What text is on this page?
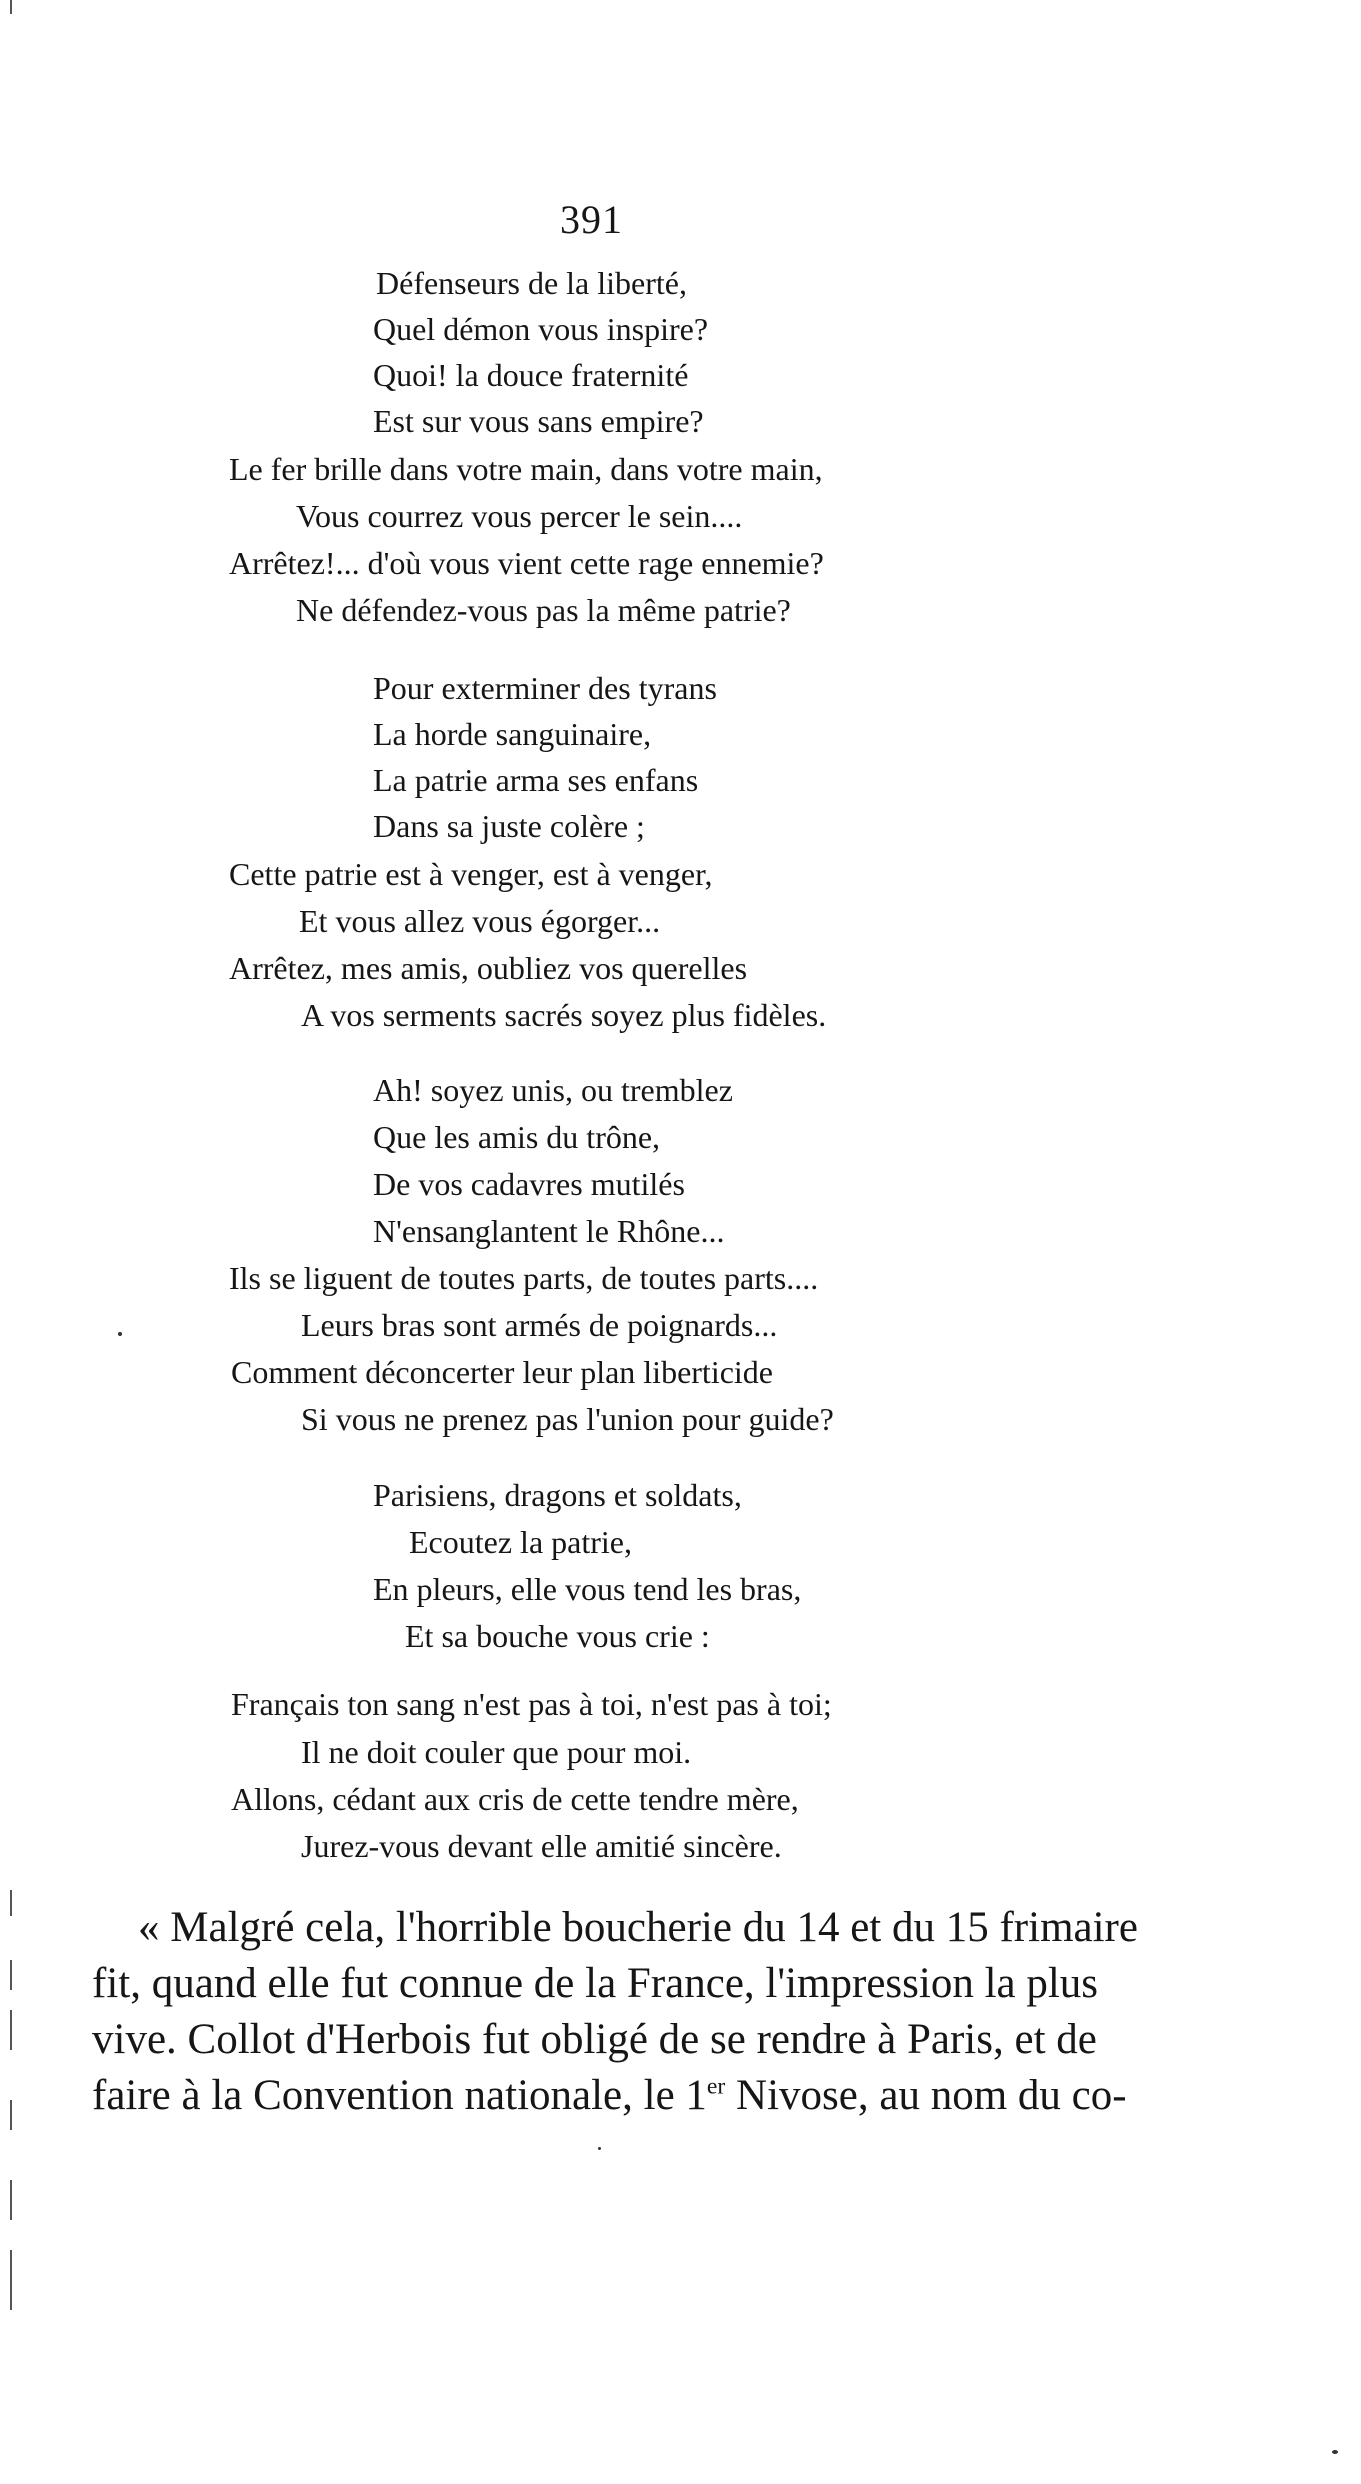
391
Défenseurs de la liberté,
Quel démon vous inspire?
Quoi! la douce fraternité
Est sur vous sans empire?
Le fer brille dans votre main, dans votre main,
Vous courrez vous percer le sein....
Arrêtez!... d'où vous vient cette rage ennemie?
Ne défendez-vous pas la même patrie?
Pour exterminer des tyrans
La horde sanguinaire,
La patrie arma ses enfans
Dans sa juste colère ;
Cette patrie est à venger, est à venger,
Et vous allez vous égorger...
Arrêtez, mes amis, oubliez vos querelles
A vos serments sacrés soyez plus fidèles.
Ah! soyez unis, ou tremblez
Que les amis du trône,
De vos cadavres mutilés
N'ensanglantent le Rhône...
Ils se liguent de toutes parts, de toutes parts....
Leurs bras sont armés de poignards...
Comment déconcerter leur plan liberticide
Si vous ne prenez pas l'union pour guide?
Parisiens, dragons et soldats,
Ecoutez la patrie,
En pleurs, elle vous tend les bras,
Et sa bouche vous crie :
Français ton sang n'est pas à toi, n'est pas à toi;
Il ne doit couler que pour moi.
Allons, cédant aux cris de cette tendre mère,
Jurez-vous devant elle amitié sincère.
« Malgré cela, l'horrible boucherie du 14 et du 15 frimaire
fit, quand elle fut connue de la France, l'impression la plus
vive. Collot d'Herbois fut obligé de se rendre à Paris, et de
faire à la Convention nationale, le 1er Nivose, au nom du co-
